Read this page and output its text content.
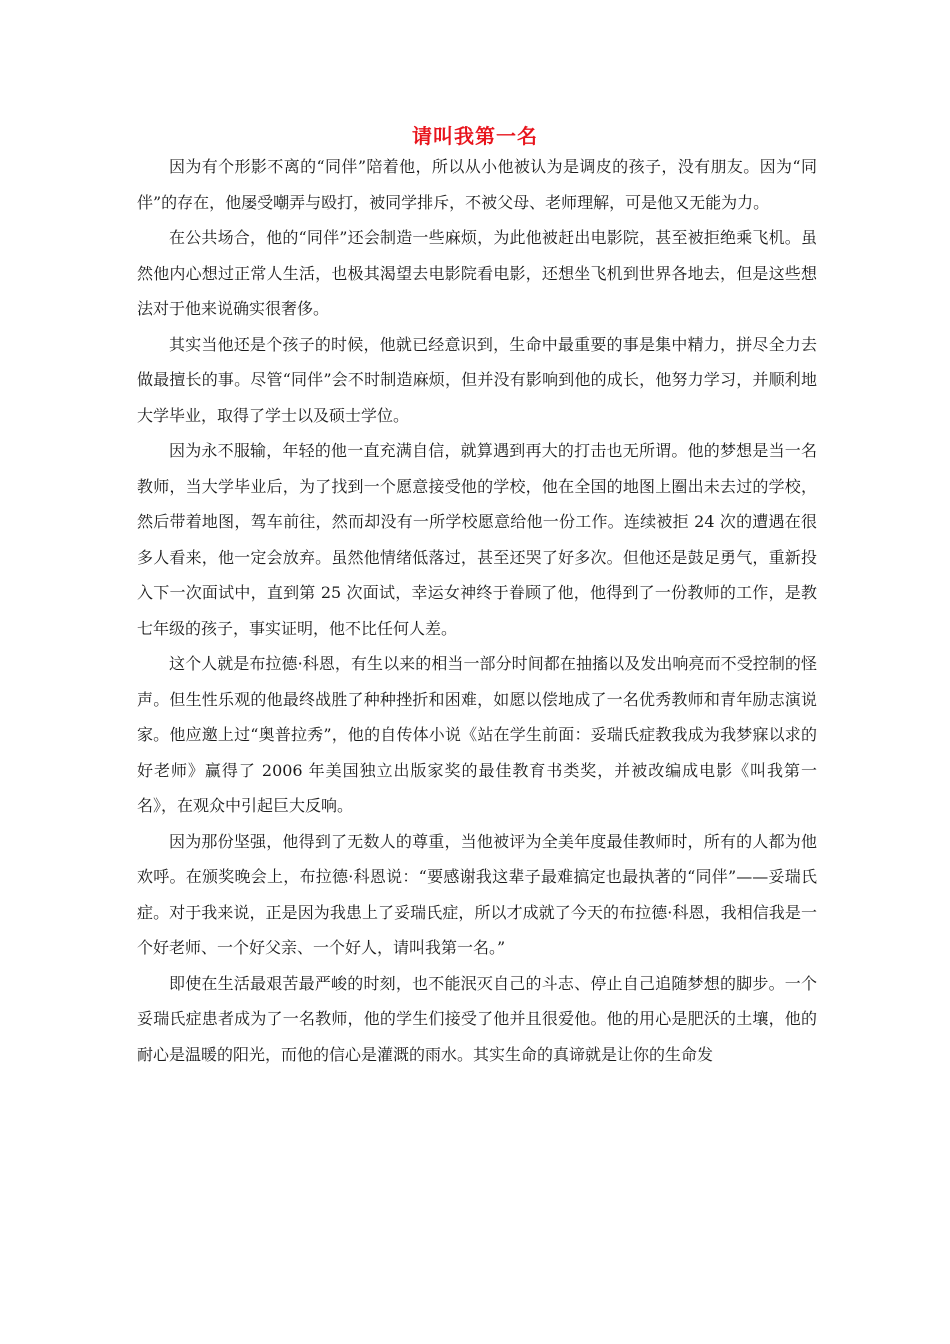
请叫我第一名

因为有个形影不离的“同伴”陪着他，所以从小他被认为是调皮的孩子，没有朋友。因为“同伴”的存在，他屡受嘲弄与殴打，被同学排斥，不被父母、老师理解，可是他又无能为力。

在公共场合，他的“同伴”还会制造一些麻烦，为此他被赶出电影院，甚至被拒绝乘飞机。虽然他内心想过正常人生活，也极其渴望去电影院看电影，还想坐飞机到世界各地去，但是这些想法对于他来说确实很奢侈。

其实当他还是个孩子的时候，他就已经意识到，生命中最重要的事是集中精力，拼尽全力去做最擅长的事。尽管“同伴”会不时制造麻烦，但并没有影响到他的成长，他努力学习，并顺利地大学毕业，取得了学士以及硕士学位。

因为永不服输，年轻的他一直充满自信，就算遇到再大的打击也无所谓。他的梦想是当一名教师，当大学毕业后，为了找到一个愿意接受他的学校，他在全国的地图上圈出未去过的学校，然后带着地图，驾车前往，然而却没有一所学校愿意给他一份工作。连续被拒 24 次的遭遇在很多人看来，他一定会放弃。虽然他情绪低落过，甚至还哭了好多次。但他还是鼓足勇气，重新投入下一次面试中，直到第 25 次面试，幸运女神终于眷顾了他，他得到了一份教师的工作，是教七年级的孩子，事实证明，他不比任何人差。

这个人就是布拉德·科恩，有生以来的相当一部分时间都在抽搐以及发出响亮而不受控制的怪声。但生性乐观的他最终战胜了种种挫折和困难，如愿以偿地成了一名优秀教师和青年励志演说家。他应邀上过“奥普拉秀”，他的自传体小说《站在学生前面：妥瑞氏症教我成为我梦寐以求的好老师》赢得了 2006 年美国独立出版家奖的最佳教育书类奖，并被改编成电影《叫我第一名》，在观众中引起巨大反响。

因为那份坚强，他得到了无数人的尊重，当他被评为全美年度最佳教师时，所有的人都为他欢呼。在颁奖晚会上，布拉德·科恩说：“要感谢我这辈子最难搞定也最执著的“同伴”——妥瑞氏症。对于我来说，正是因为我患上了妥瑞氏症，所以才成就了今天的布拉德·科恩，我相信我是一个好老师、一个好父亲、一个好人，请叫我第一名。”

即使在生活最艰苦最严峻的时刻，也不能泯灭自己的斗志、停止自己追随梦想的脚步。一个妥瑞氏症患者成为了一名教师，他的学生们接受了他并且很爱他。他的用心是肥沃的土壤，他的耐心是温暖的阳光，而他的信心是灌溉的雨水。其实生命的真谛就是让你的生命发
